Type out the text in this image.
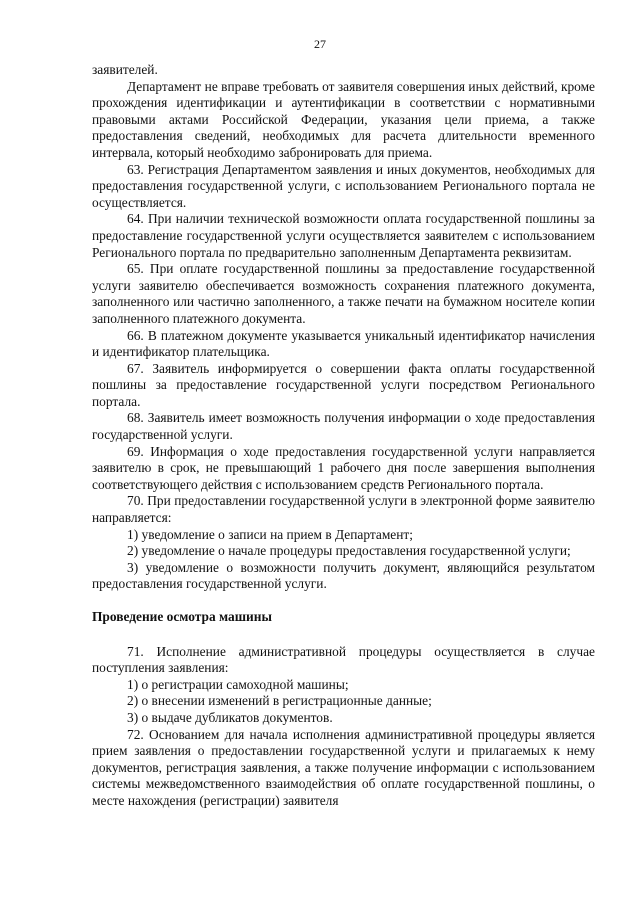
27

заявителей.

Департамент не вправе требовать от заявителя совершения иных действий, кроме прохождения идентификации и аутентификации в соответствии с нормативными правовыми актами Российской Федерации, указания цели приема, а также предоставления сведений, необходимых для расчета длительности временного интервала, который необходимо забронировать для приема.

63. Регистрация Департаментом заявления и иных документов, необходимых для предоставления государственной услуги, с использованием Регионального портала не осуществляется.

64. При наличии технической возможности оплата государственной пошлины за предоставление государственной услуги осуществляется заявителем с использованием Регионального портала по предварительно заполненным Департамента реквизитам.

65. При оплате государственной пошлины за предоставление государственной услуги заявителю обеспечивается возможность сохранения платежного документа, заполненного или частично заполненного, а также печати на бумажном носителе копии заполненного платежного документа.

66. В платежном документе указывается уникальный идентификатор начисления и идентификатор плательщика.

67. Заявитель информируется о совершении факта оплаты государственной пошлины за предоставление государственной услуги посредством Регионального портала.

68. Заявитель имеет возможность получения информации о ходе предоставления государственной услуги.

69. Информация о ходе предоставления государственной услуги направляется заявителю в срок, не превышающий 1 рабочего дня после завершения выполнения соответствующего действия с использованием средств Регионального портала.

70. При предоставлении государственной услуги в электронной форме заявителю направляется:

1) уведомление о записи на прием в Департамент;

2) уведомление о начале процедуры предоставления государственной услуги;

3) уведомление о возможности получить документ, являющийся результатом предоставления государственной услуги.

Проведение осмотра машины

71. Исполнение административной процедуры осуществляется в случае поступления заявления:

1) о регистрации самоходной машины;

2) о внесении изменений в регистрационные данные;

3) о выдаче дубликатов документов.

72. Основанием для начала исполнения административной процедуры является прием заявления о предоставлении государственной услуги и прилагаемых к нему документов, регистрация заявления, а также получение информации с использованием системы межведомственного взаимодействия об оплате государственной пошлины, о месте нахождения (регистрации) заявителя
